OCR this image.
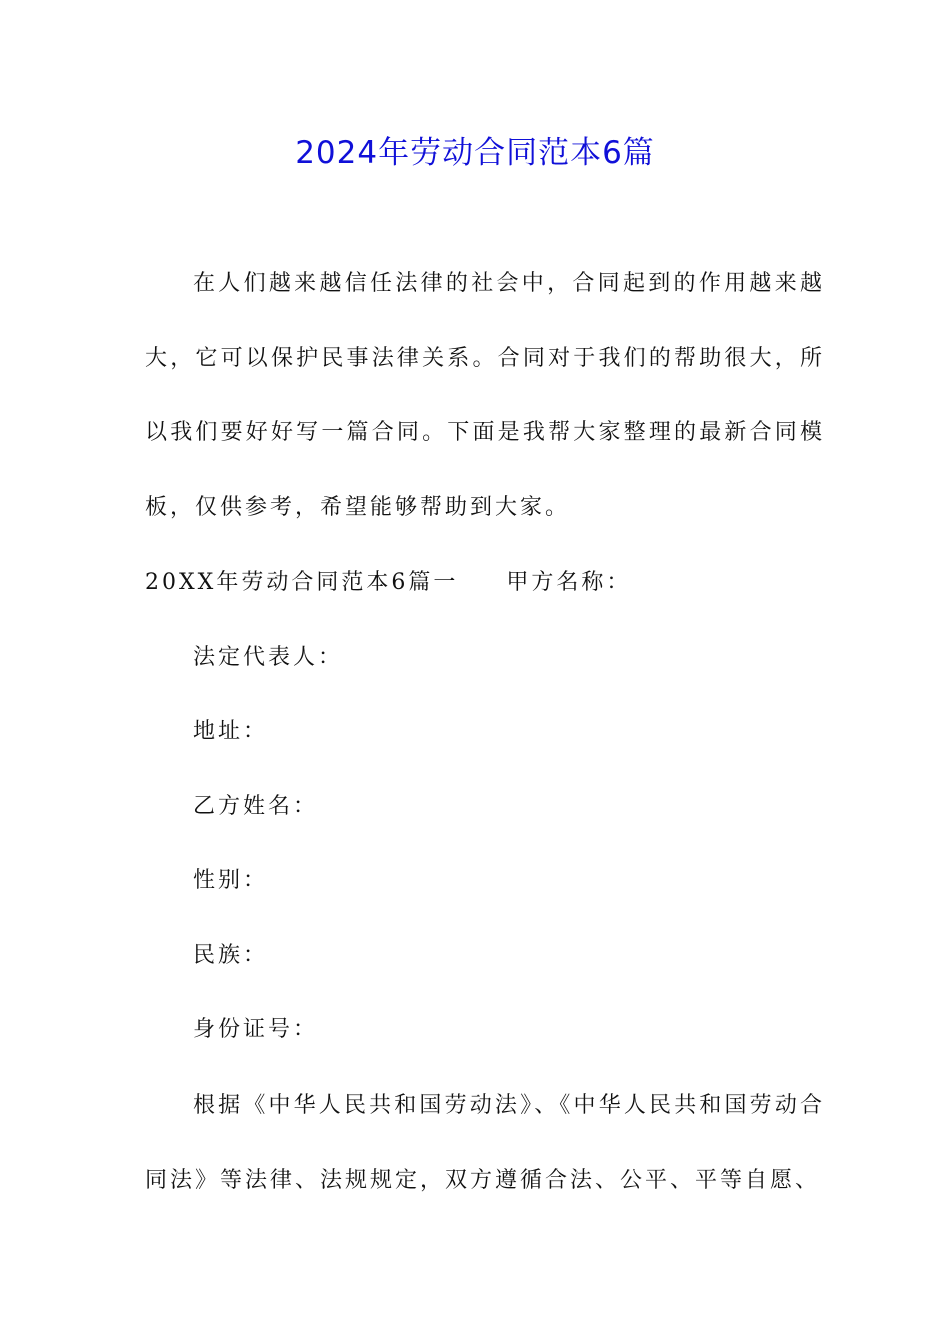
2024年劳动合同范本6篇

在人们越来越信任法律的社会中，合同起到的作用越来越大，它可以保护民事法律关系。合同对于我们的帮助很大，所以我们要好好写一篇合同。下面是我帮大家整理的最新合同模板，仅供参考，希望能够帮助到大家。

20XX年劳动合同范本6篇一 甲方名称：
法定代表人：
地址：
乙方姓名：
性别：
民族：
身份证号：

根据《中华人民共和国劳动法》、《中华人民共和国劳动合同法》等法律、法规规定，双方遵循合法、公平、平等自愿、
